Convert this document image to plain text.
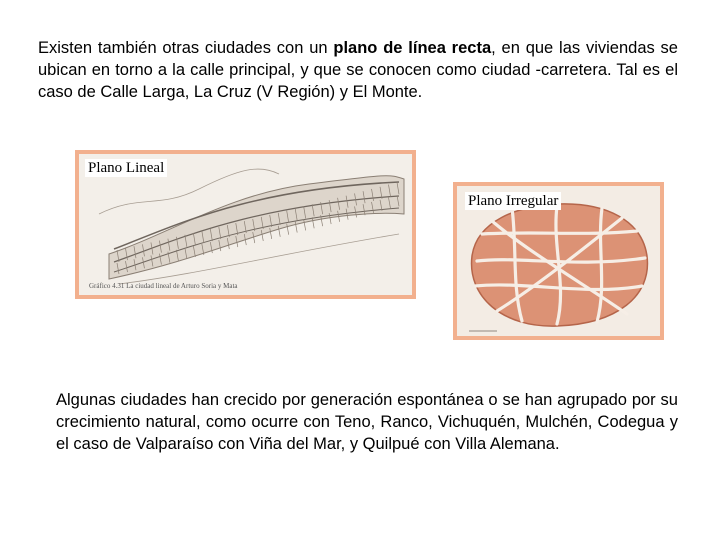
Existen también otras ciudades con un plano de línea recta, en que las viviendas se ubican en torno a la calle principal, y que se conocen como ciudad -carretera. Tal es el caso de Calle Larga, La Cruz (V Región) y El Monte.
Plano Lineal
Gráfico 4.31 La ciudad lineal de Arturo Soria y Mata
Plano Irregular
Algunas ciudades han crecido por generación espontánea o se han agrupado por su crecimiento natural, como ocurre con Teno, Ranco, Vichuquén, Mulchén, Codegua y el caso de Valparaíso con Viña del Mar, y Quilpué con Villa Alemana.
